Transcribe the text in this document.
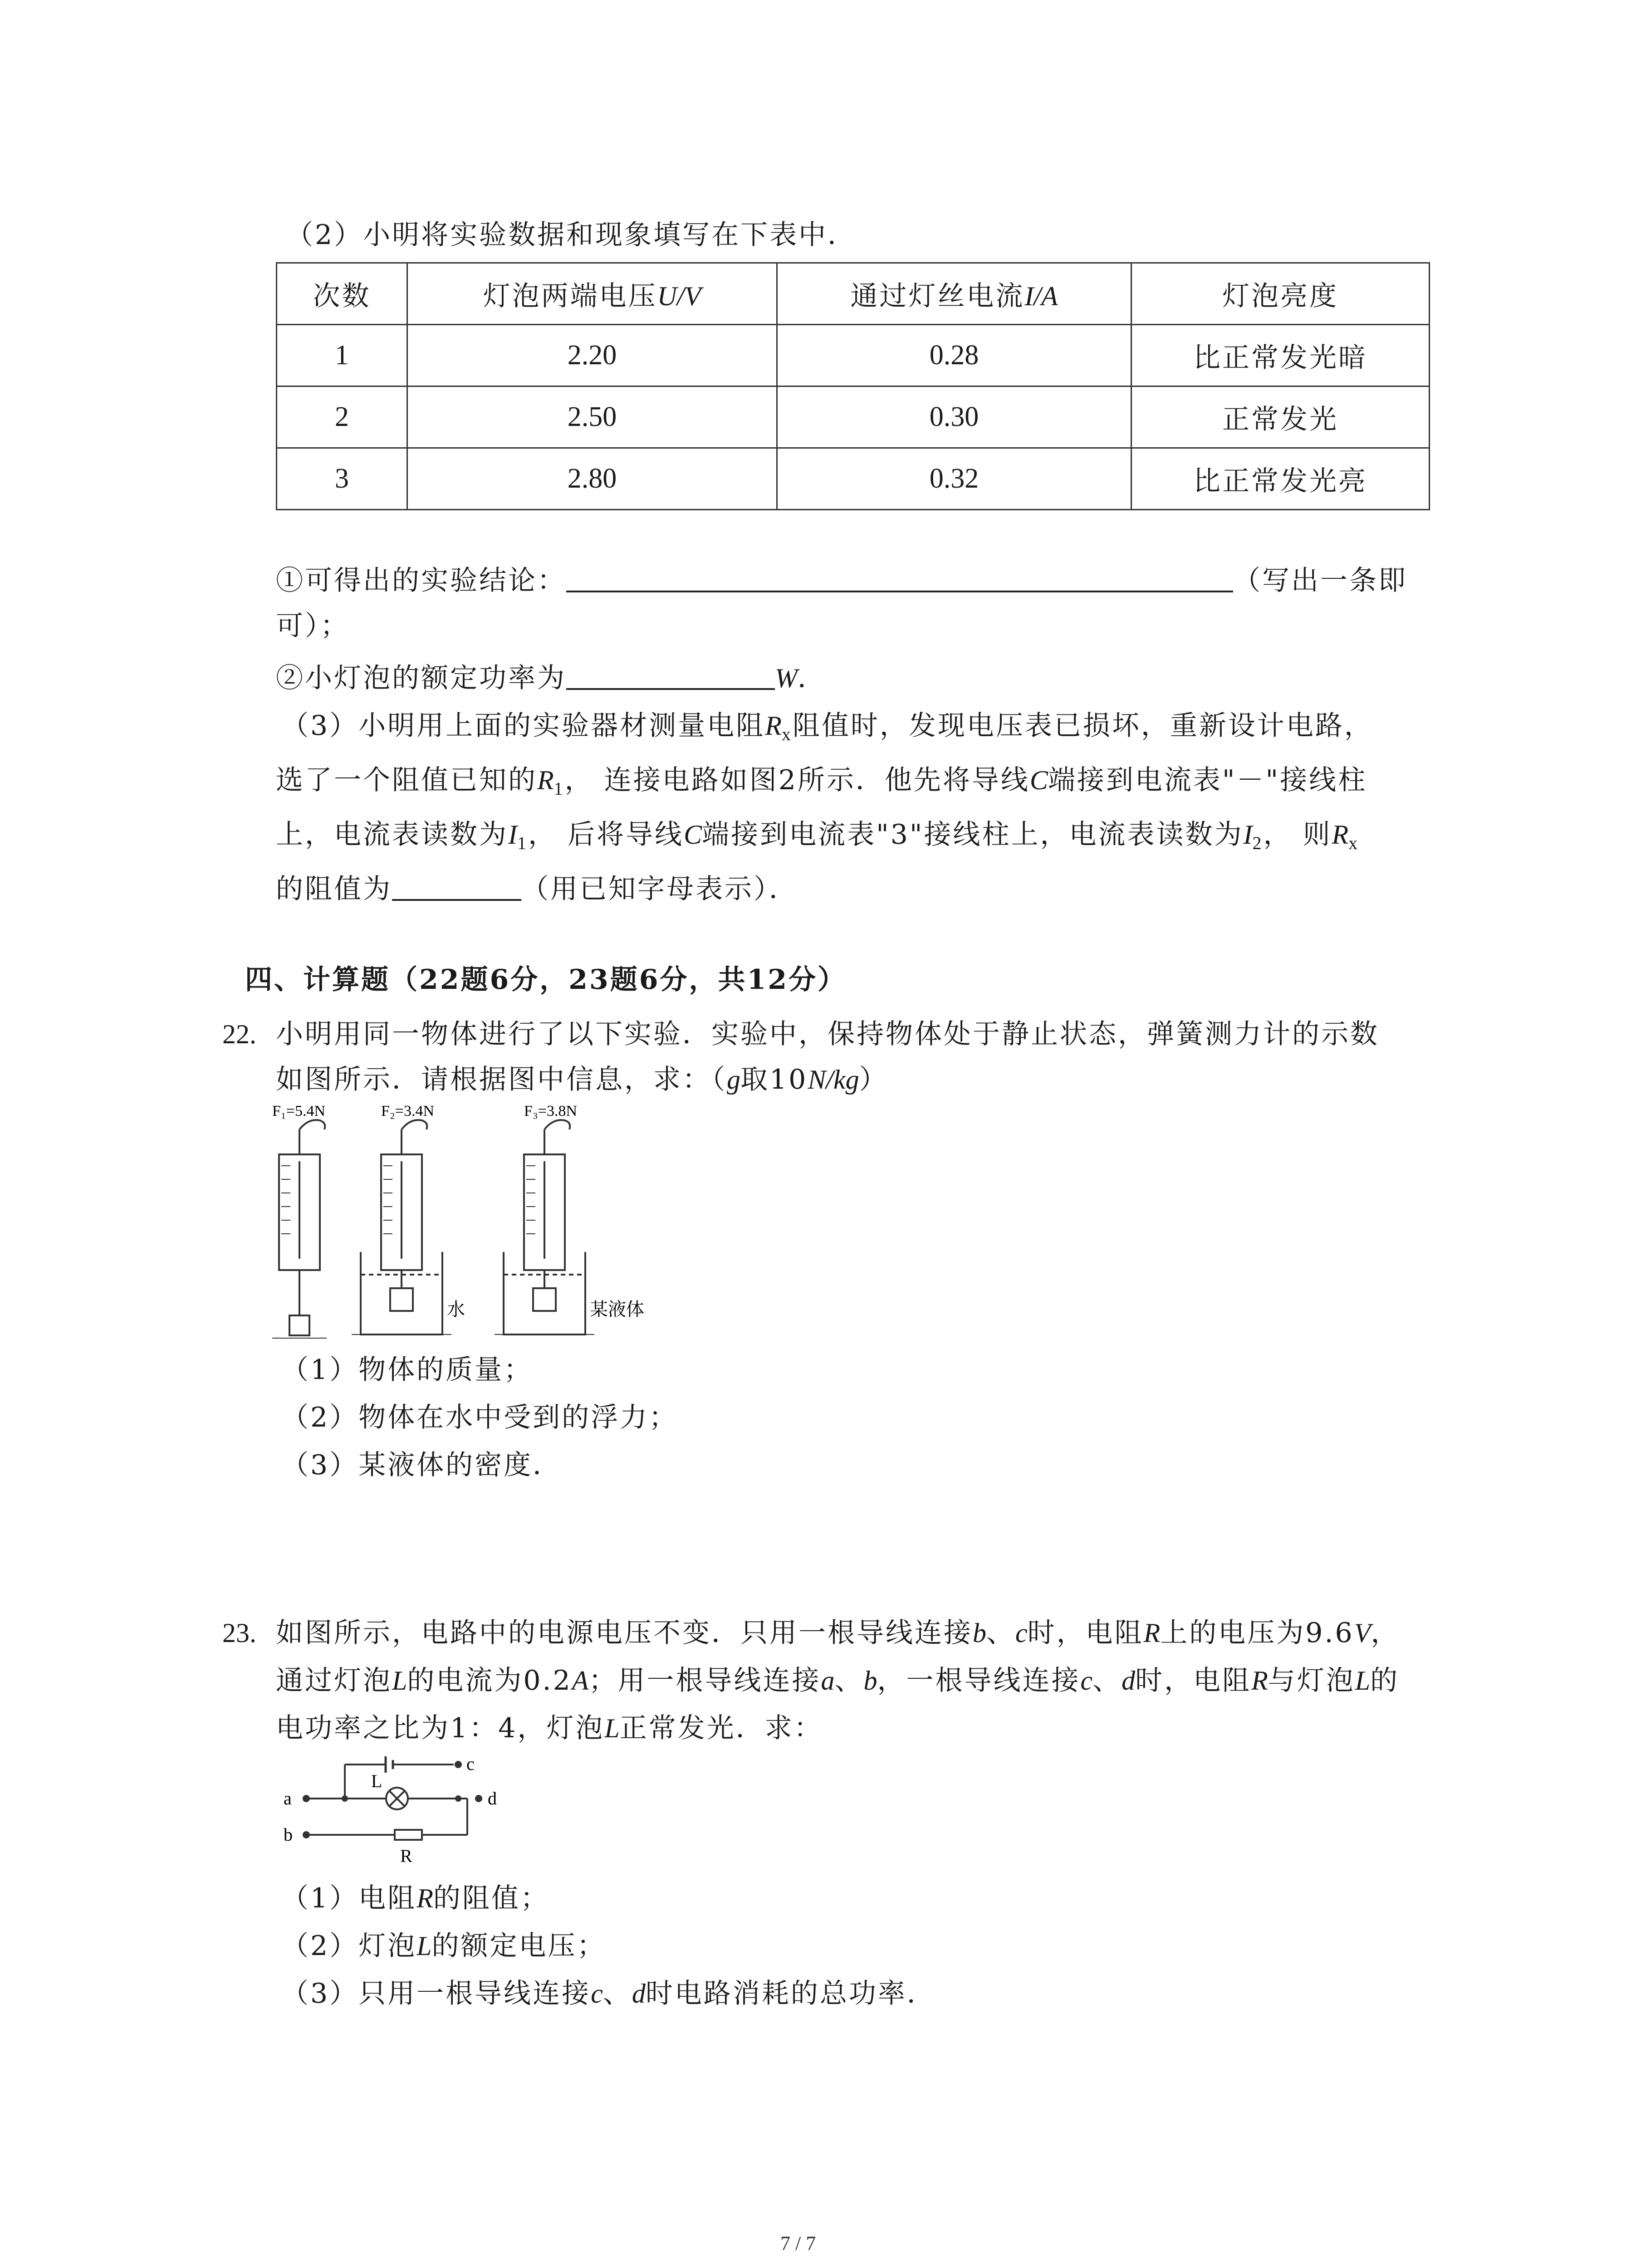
（2）小明将实验数据和现象填写在下表中．
次数	灯泡两端电压U/V	通过灯丝电流I/A	灯泡亮度
1	2.20	0.28	比正常发光暗
2	2.50	0.30	正常发光
3	2.80	0.32	比正常发光亮
①可得出的实验结论：	（写出一条即
可）；
②小灯泡的额定功率为	W．
（3）小明用上面的实验器材测量电阻$R_x$阻值时，发现电压表已损坏，重新设计电路，
选了一个阻值已知的$R_1$， 连接电路如图2所示．他先将导线C端接到电流表"－"接线柱
上，电流表读数为$I_1$， 后将导线C端接到电流表"3"接线柱上，电流表读数为$I_2$， 则$R_x$
的阻值为	（用已知字母表示）．
四、计算题（22题6分，23题6分，共12分）
22. 小明用同一物体进行了以下实验．实验中，保持物体处于静止状态，弹簧测力计的示数
如图所示．请根据图中信息，求：（g取10N/kg）
F₁=5.4N	F₂=3.4N	F₃=3.8N
水	某液体
（1）物体的质量；
（2）物体在水中受到的浮力；
（3）某液体的密度．
23. 如图所示，电路中的电源电压不变．只用一根导线连接b、c时，电阻R上的电压为9.6V，
通过灯泡L的电流为0.2A；用一根导线连接a、b，一根导线连接c、d时，电阻R与灯泡L的
电功率之比为1：4，灯泡L正常发光．求：
a
b
c
d
L
R
（1）电阻R的阻值；
（2）灯泡L的额定电压；
（3）只用一根导线连接c、d时电路消耗的总功率．
7 / 7
